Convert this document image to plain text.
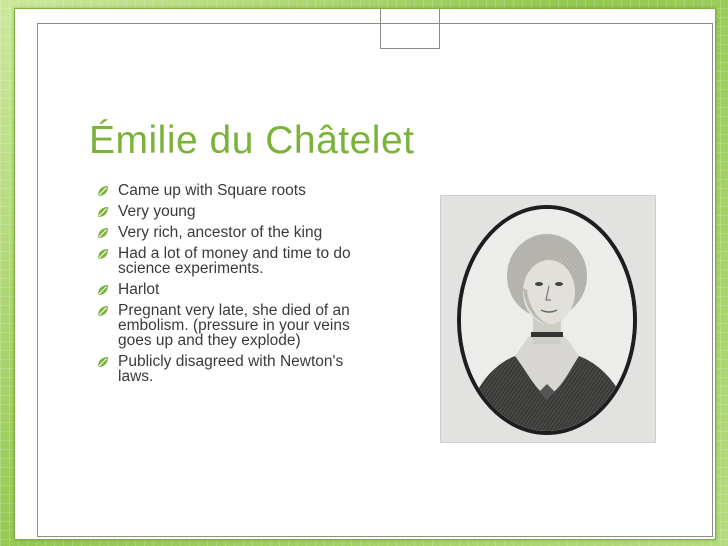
Émilie du Châtelet
Came up with Square roots
Very young
Very rich, ancestor of the king
Had a lot of money and time to do science experiments.
Harlot
Pregnant very late, she died of an embolism. (pressure in your veins goes up and they explode)
Publicly disagreed with Newton's laws.
